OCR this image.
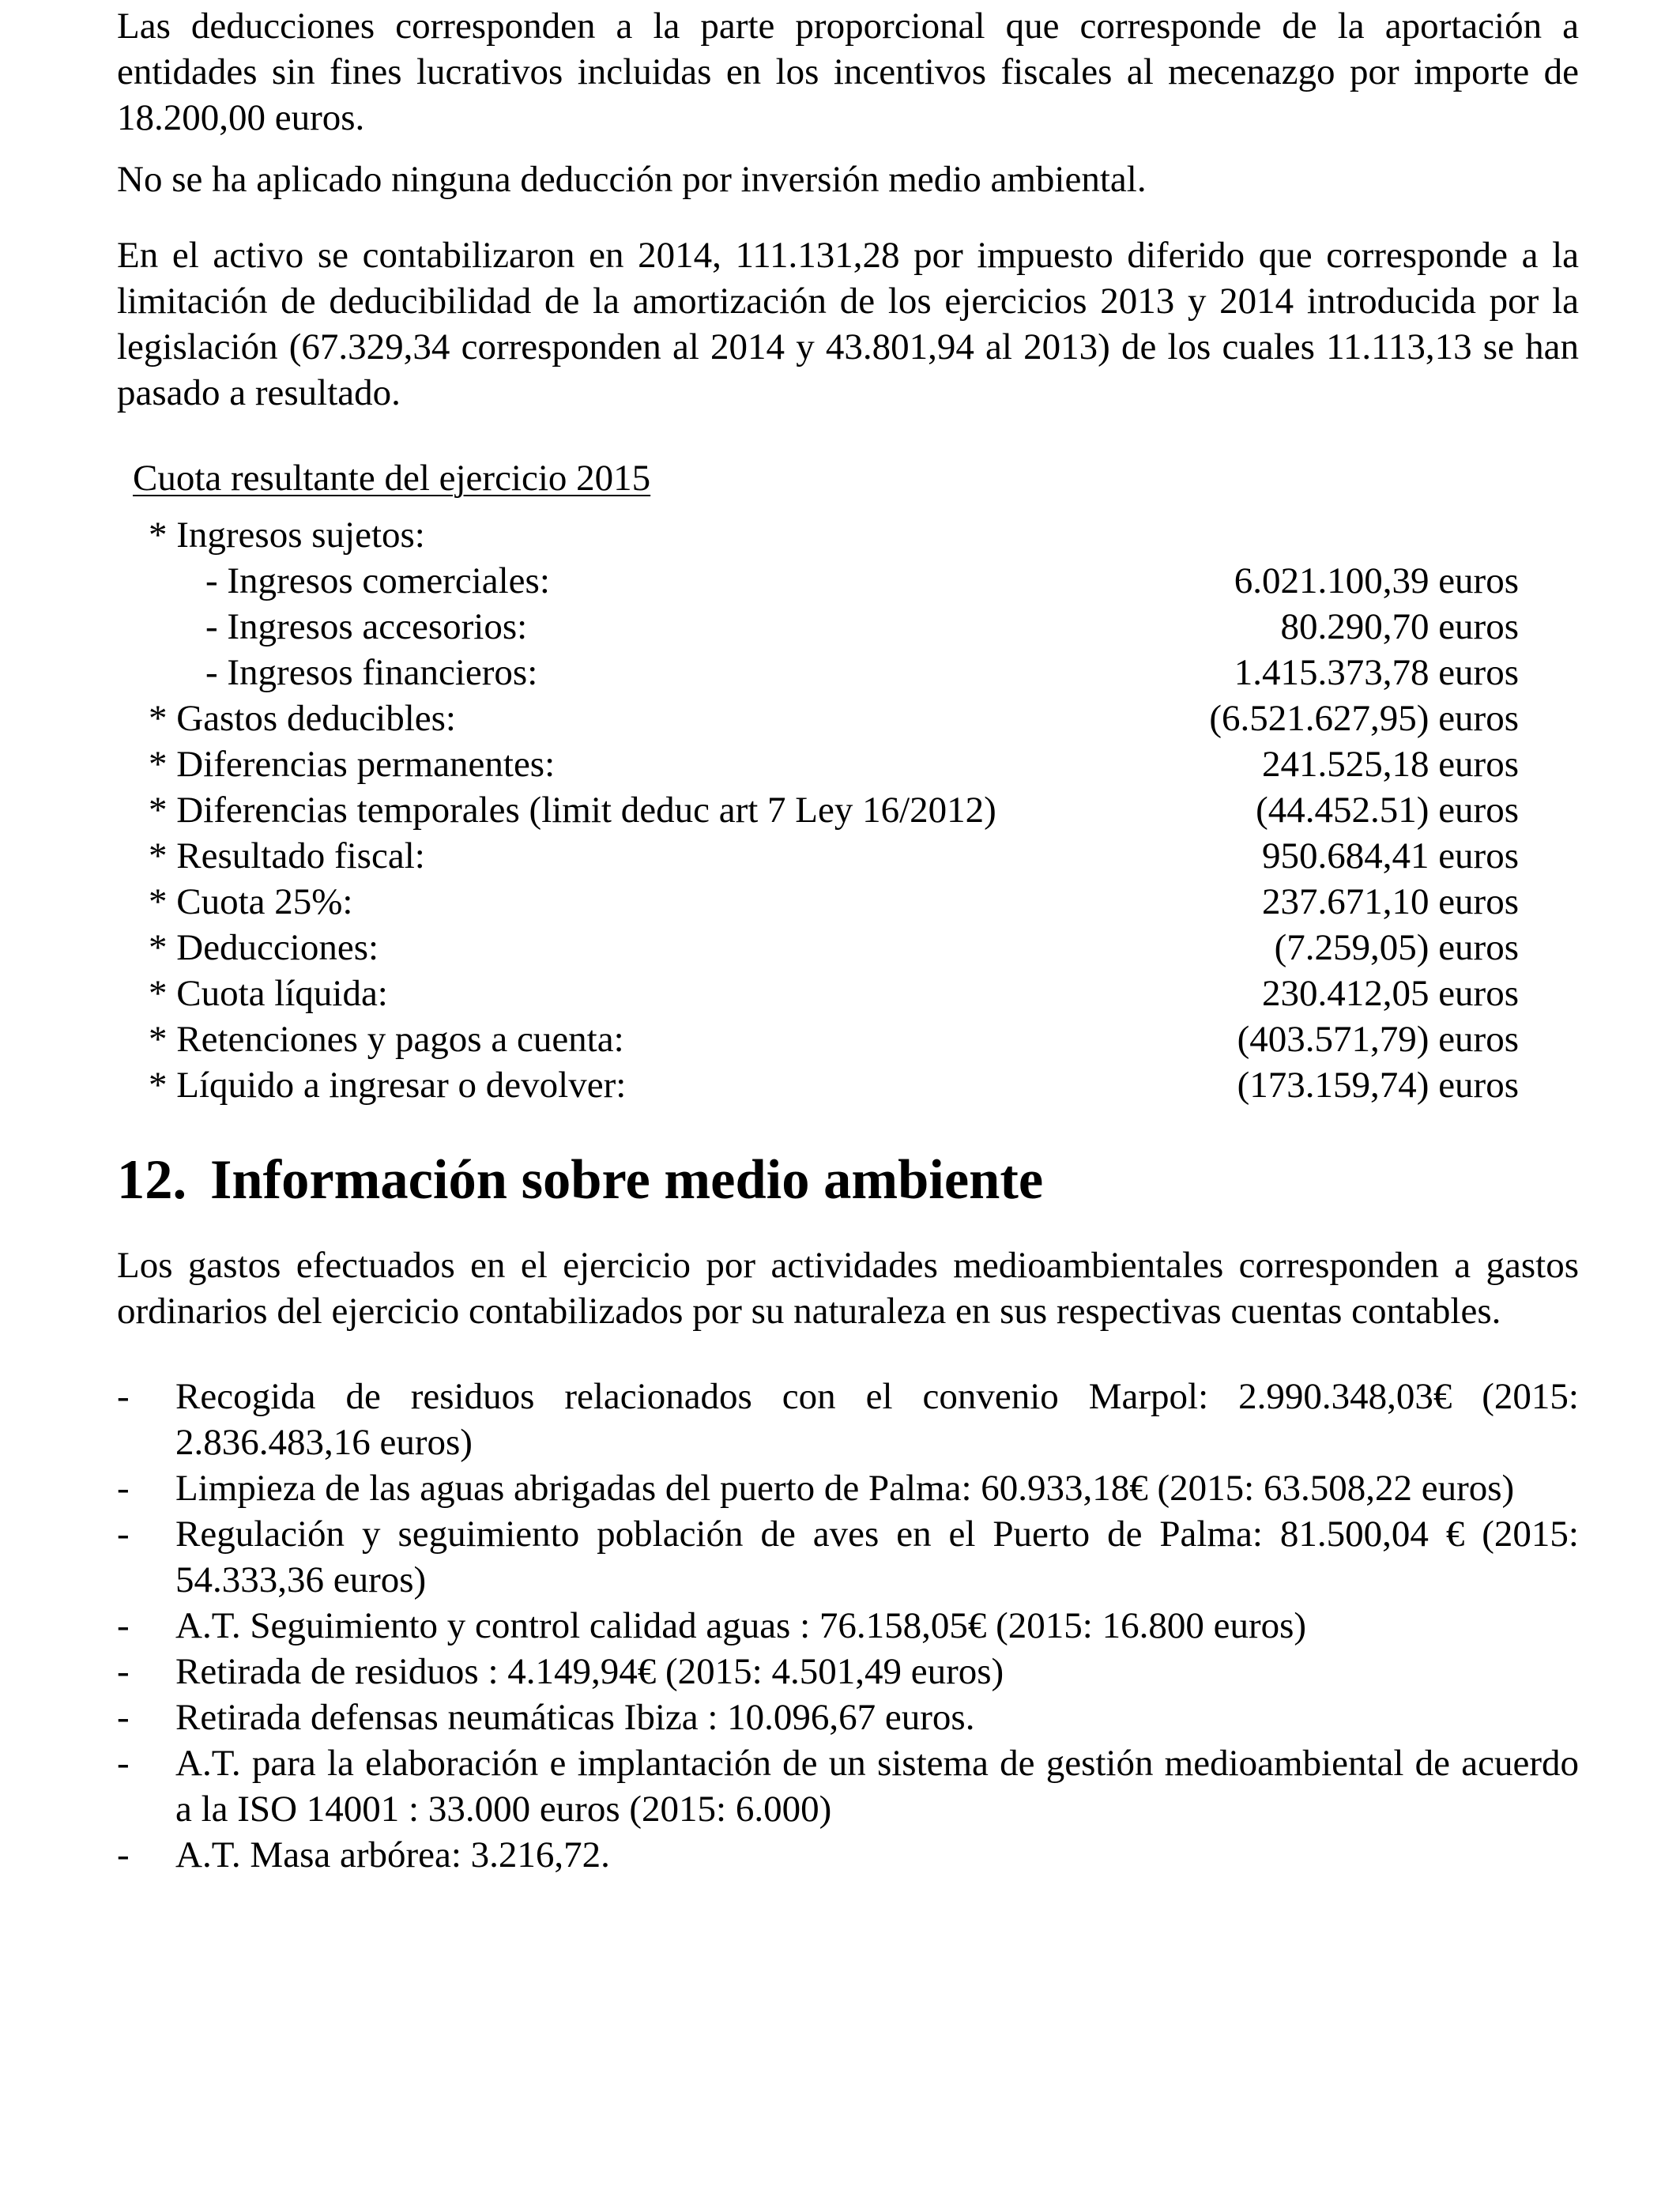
Las deducciones corresponden a la parte proporcional que corresponde de la aportación a entidades sin fines lucrativos incluidas en los incentivos fiscales al mecenazgo por importe de 18.200,00 euros.

No se ha aplicado ninguna deducción por inversión medio ambiental.

En el activo se contabilizaron en 2014, 111.131,28 por impuesto diferido que corresponde a la limitación de deducibilidad de la amortización de los ejercicios 2013 y 2014 introducida por la legislación (67.329,34 corresponden al 2014 y 43.801,94 al 2013) de los cuales 11.113,13 se han pasado a resultado.

Cuota resultante del ejercicio 2015

* Ingresos sujetos:
- Ingresos comerciales:	6.021.100,39 euros
- Ingresos accesorios:	80.290,70 euros
- Ingresos financieros:	1.415.373,78 euros
* Gastos deducibles:	(6.521.627,95) euros
* Diferencias permanentes:	241.525,18 euros
* Diferencias temporales (limit deduc art 7 Ley 16/2012)	(44.452.51) euros
* Resultado fiscal:	950.684,41 euros
* Cuota 25%:	237.671,10 euros
* Deducciones:	(7.259,05) euros
* Cuota líquida:	230.412,05 euros
* Retenciones y pagos a cuenta:	(403.571,79) euros
* Líquido a ingresar o devolver:	(173.159,74) euros
12. Información sobre medio ambiente

Los gastos efectuados en el ejercicio por actividades medioambientales corresponden a gastos ordinarios del ejercicio contabilizados por su naturaleza en sus respectivas cuentas contables.

-	Recogida de residuos relacionados con el convenio Marpol: 2.990.348,03€ (2015: 2.836.483,16 euros)
-	Limpieza de las aguas abrigadas del puerto de Palma: 60.933,18€ (2015: 63.508,22 euros)
-	Regulación y seguimiento población de aves en el Puerto de Palma: 81.500,04 € (2015: 54.333,36 euros)
-	A.T. Seguimiento y control calidad aguas : 76.158,05€ (2015: 16.800 euros)
-	Retirada de residuos : 4.149,94€ (2015: 4.501,49 euros)
-	Retirada defensas neumáticas Ibiza : 10.096,67 euros.
-	A.T. para la elaboración e implantación de un sistema de gestión medioambiental de acuerdo a la ISO 14001 : 33.000 euros (2015: 6.000)
-	A.T. Masa arbórea: 3.216,72.
